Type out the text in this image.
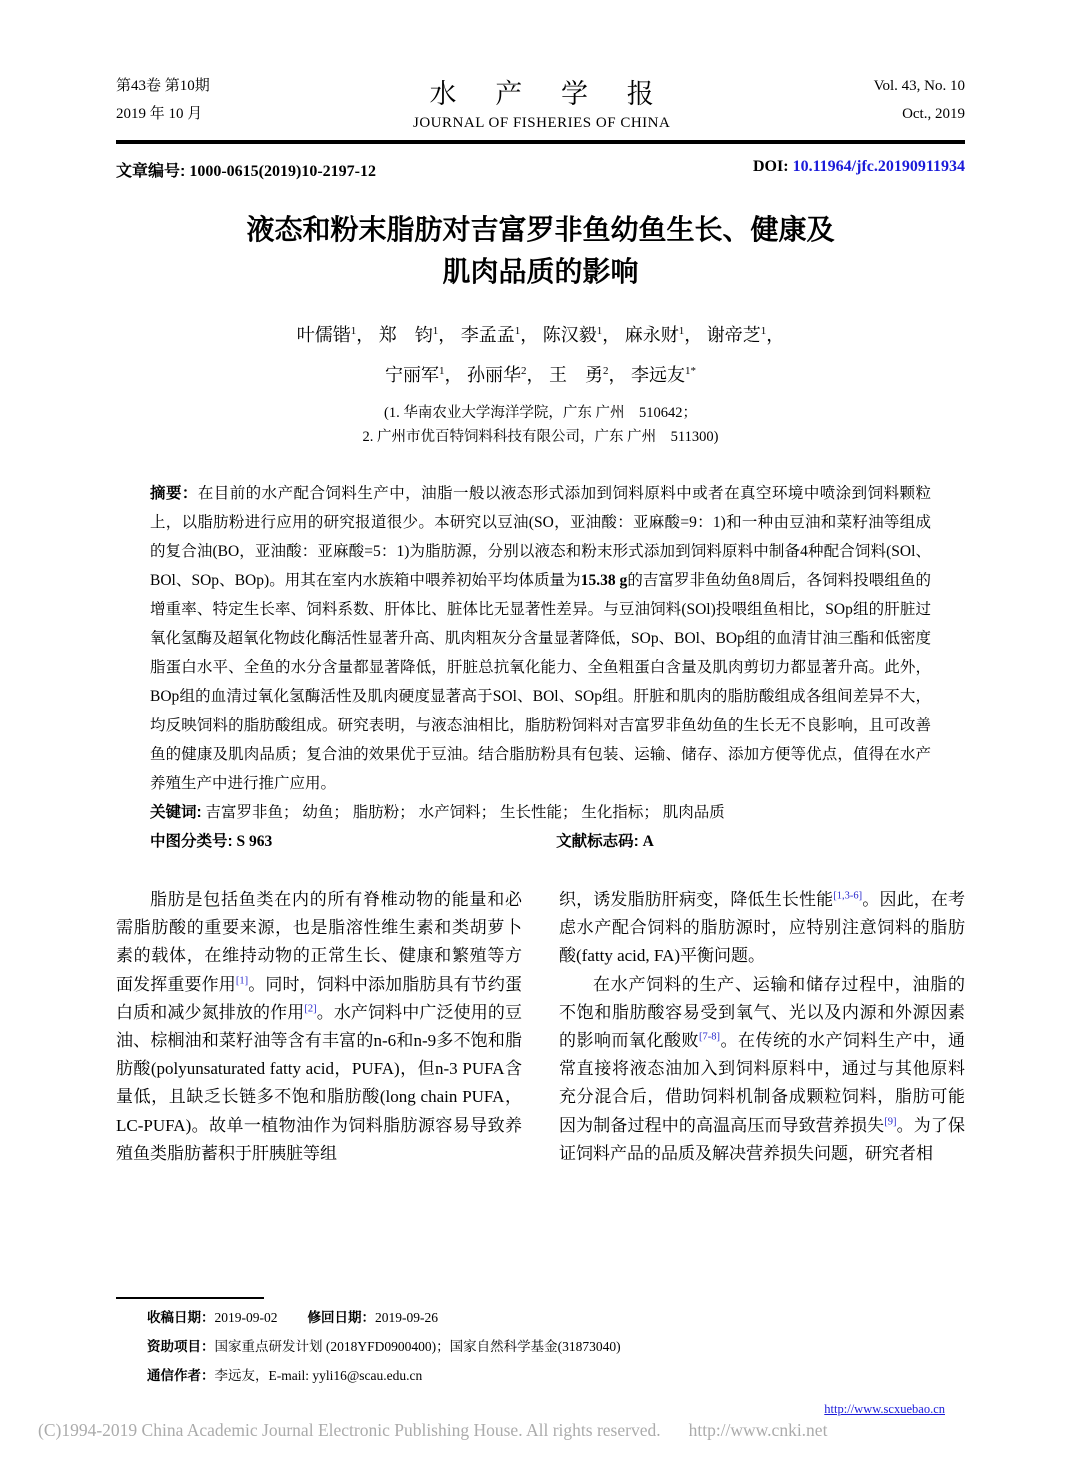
第43卷 第10期
2019 年 10 月
水 产 学 报
JOURNAL OF FISHERIES OF CHINA
Vol. 43, No. 10
Oct., 2019
文章编号: 1000-0615(2019)10-2197-12	DOI: 10.11964/jfc.20190911934
液态和粉末脂肪对吉富罗非鱼幼鱼生长、健康及
肌肉品质的影响
叶儒锴$^1$， 郑　钧$^1$， 李孟孟$^1$， 陈汉毅$^1$， 麻永财$^1$， 谢帝芝$^1$，
宁丽军$^1$， 孙丽华$^2$， 王　勇$^2$， 李远友$^{1*}$
(1. 华南农业大学海洋学院，广东 广州　510642；
2. 广州市优百特饲料科技有限公司，广东 广州　511300)
摘要：在目前的水产配合饲料生产中，油脂一般以液态形式添加到饲料原料中或者在真空环境中喷涂到饲料颗粒上，以脂肪粉进行应用的研究报道很少。本研究以豆油(SO，亚油酸：亚麻酸=9：1)和一种由豆油和菜籽油等组成的复合油(BO，亚油酸：亚麻酸=5：1)为脂肪源，分别以液态和粉末形式添加到饲料原料中制备4种配合饲料(SOl、BOl、SOp、BOp)。用其在室内水族箱中喂养初始平均体质量为15.38 g的吉富罗非鱼幼鱼8周后，各饲料投喂组鱼的增重率、特定生长率、饲料系数、肝体比、脏体比无显著性差异。与豆油饲料(SOl)投喂组鱼相比，SOp组的肝脏过氧化氢酶及超氧化物歧化酶活性显著升高、肌肉粗灰分含量显著降低，SOp、BOl、BOp组的血清甘油三酯和低密度脂蛋白水平、全鱼的水分含量都显著降低，肝脏总抗氧化能力、全鱼粗蛋白含量及肌肉剪切力都显著升高。此外，BOp组的血清过氧化氢酶活性及肌肉硬度显著高于SOl、BOl、SOp组。肝脏和肌肉的脂肪酸组成各组间差异不大，均反映饲料的脂肪酸组成。研究表明，与液态油相比，脂肪粉饲料对吉富罗非鱼幼鱼的生长无不良影响，且可改善鱼的健康及肌肉品质；复合油的效果优于豆油。结合脂肪粉具有包装、运输、储存、添加方便等优点，值得在水产养殖生产中进行推广应用。
关键词: 吉富罗非鱼； 幼鱼； 脂肪粉； 水产饲料； 生长性能； 生化指标； 肌肉品质
中图分类号: S 963	文献标志码: A

脂肪是包括鱼类在内的所有脊椎动物的能量和必需脂肪酸的重要来源，也是脂溶性维生素和类胡萝卜素的载体，在维持动物的正常生长、健康和繁殖等方面发挥重要作用[1]。同时，饲料中添加脂肪具有节约蛋白质和减少氮排放的作用[2]。水产饲料中广泛使用的豆油、棕榈油和菜籽油等含有丰富的n-6和n-9多不饱和脂肪酸(polyunsaturated fatty acid，PUFA)，但n-3 PUFA含量低，且缺乏长链多不饱和脂肪酸(long chain PUFA，LC-PUFA)。故单一植物油作为饲料脂肪源容易导致养殖鱼类脂肪蓄积于肝胰脏等组

织，诱发脂肪肝病变，降低生长性能[1,3-6]。因此，在考虑水产配合饲料的脂肪源时，应特别注意饲料的脂肪酸(fatty acid, FA)平衡问题。

在水产饲料的生产、运输和储存过程中，油脂的不饱和脂肪酸容易受到氧气、光以及内源和外源因素的影响而氧化酸败[7-8]。在传统的水产饲料生产中，通常直接将液态油加入到饲料原料中，通过与其他原料充分混合后，借助饲料机制备成颗粒饲料，脂肪可能因为制备过程中的高温高压而导致营养损失[9]。为了保证饲料产品的品质及解决营养损失问题，研究者相

收稿日期：2019-09-02 修回日期：2019-09-26
资助项目：国家重点研发计划 (2018YFD0900400)；国家自然科学基金(31873040)
通信作者：李远友，E-mail: yyli16@scau.edu.cn
http://www.scxuebao.cn
(C)1994-2019 China Academic Journal Electronic Publishing House. All rights reserved. http://www.cnki.net
